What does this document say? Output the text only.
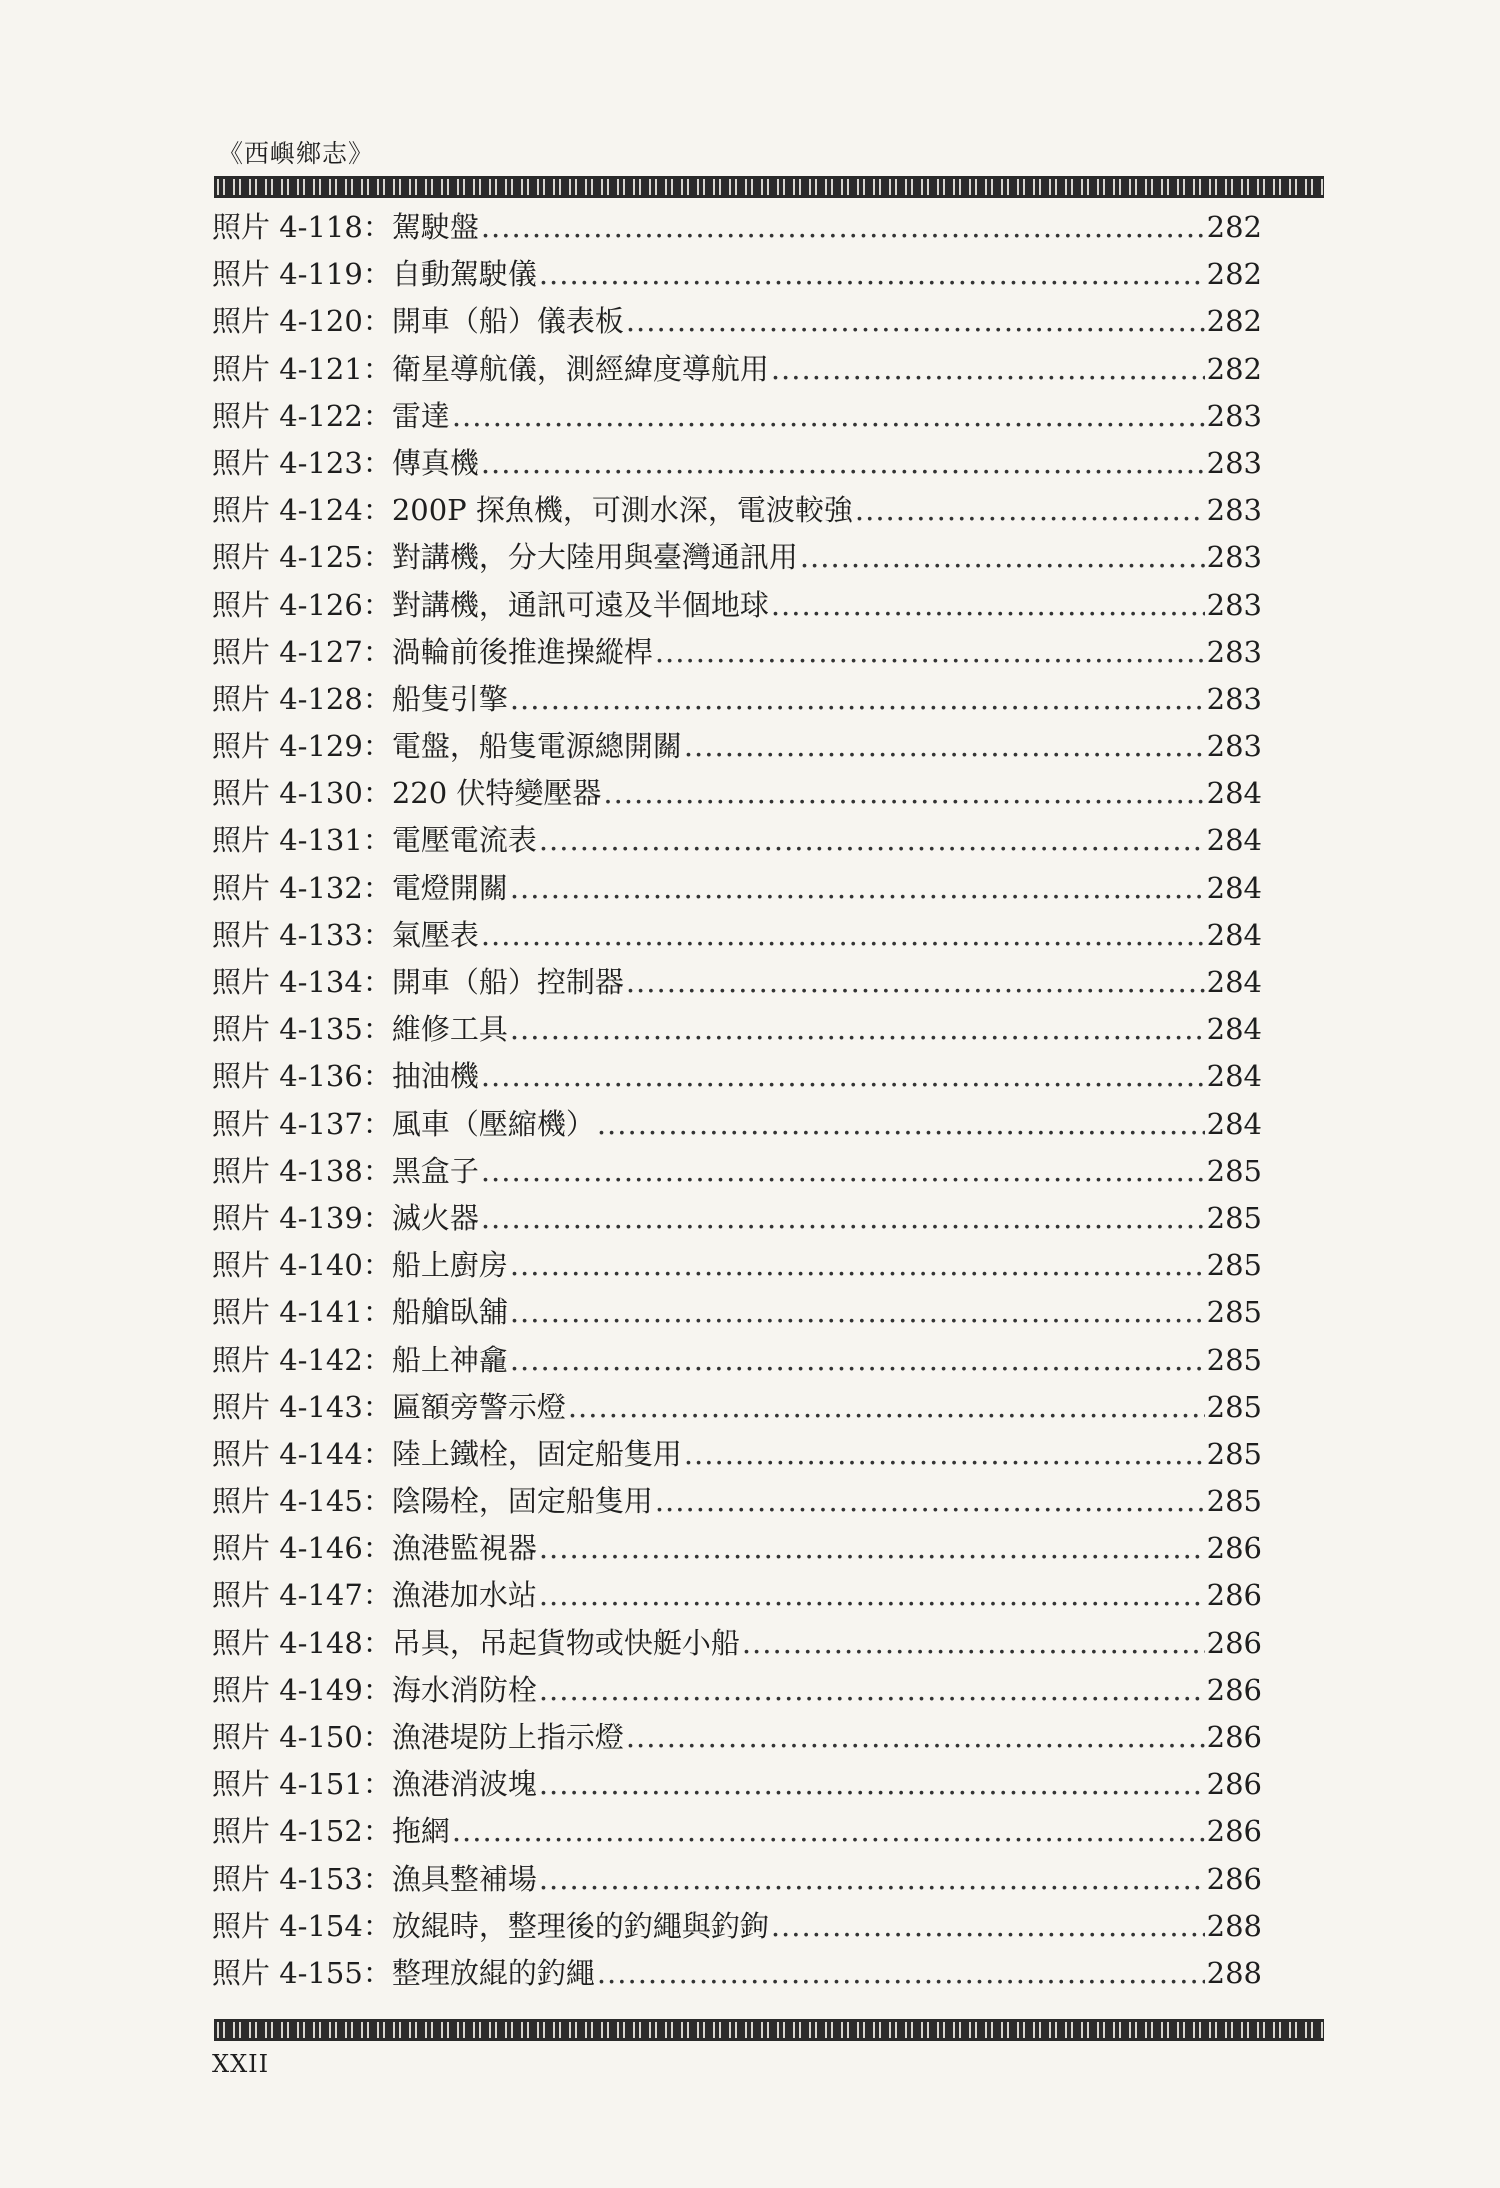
《西嶼鄉志》
照片 4-118：駕駛盤 .....	282
照片 4-119：自動駕駛儀 .....	282
照片 4-120：開車（船）儀表板 .....	282
照片 4-121：衛星導航儀，測經緯度導航用 .....	282
照片 4-122：雷達 .....	283
照片 4-123：傳真機 .....	283
照片 4-124：200P 探魚機，可測水深，電波較強 .....	283
照片 4-125：對講機，分大陸用與臺灣通訊用 .....	283
照片 4-126：對講機，通訊可遠及半個地球 .....	283
照片 4-127：渦輪前後推進操縱桿 .....	283
照片 4-128：船隻引擎 .....	283
照片 4-129：電盤，船隻電源總開關 .....	283
照片 4-130：220 伏特變壓器 .....	284
照片 4-131：電壓電流表 .....	284
照片 4-132：電燈開關 .....	284
照片 4-133：氣壓表 .....	284
照片 4-134：開車（船）控制器 .....	284
照片 4-135：維修工具 .....	284
照片 4-136：抽油機 .....	284
照片 4-137：風車（壓縮機） .....	284
照片 4-138：黑盒子 .....	285
照片 4-139：滅火器 .....	285
照片 4-140：船上廚房 .....	285
照片 4-141：船艙臥舖 .....	285
照片 4-142：船上神龕 .....	285
照片 4-143：匾額旁警示燈 .....	285
照片 4-144：陸上鐵栓，固定船隻用 .....	285
照片 4-145：陰陽栓，固定船隻用 .....	285
照片 4-146：漁港監視器 .....	286
照片 4-147：漁港加水站 .....	286
照片 4-148：吊具，吊起貨物或快艇小船 .....	286
照片 4-149：海水消防栓 .....	286
照片 4-150：漁港堤防上指示燈 .....	286
照片 4-151：漁港消波塊 .....	286
照片 4-152：拖網 .....	286
照片 4-153：漁具整補場 .....	286
照片 4-154：放緄時，整理後的釣繩與釣鉤 .....	288
照片 4-155：整理放緄的釣繩 .....	288
XXII
